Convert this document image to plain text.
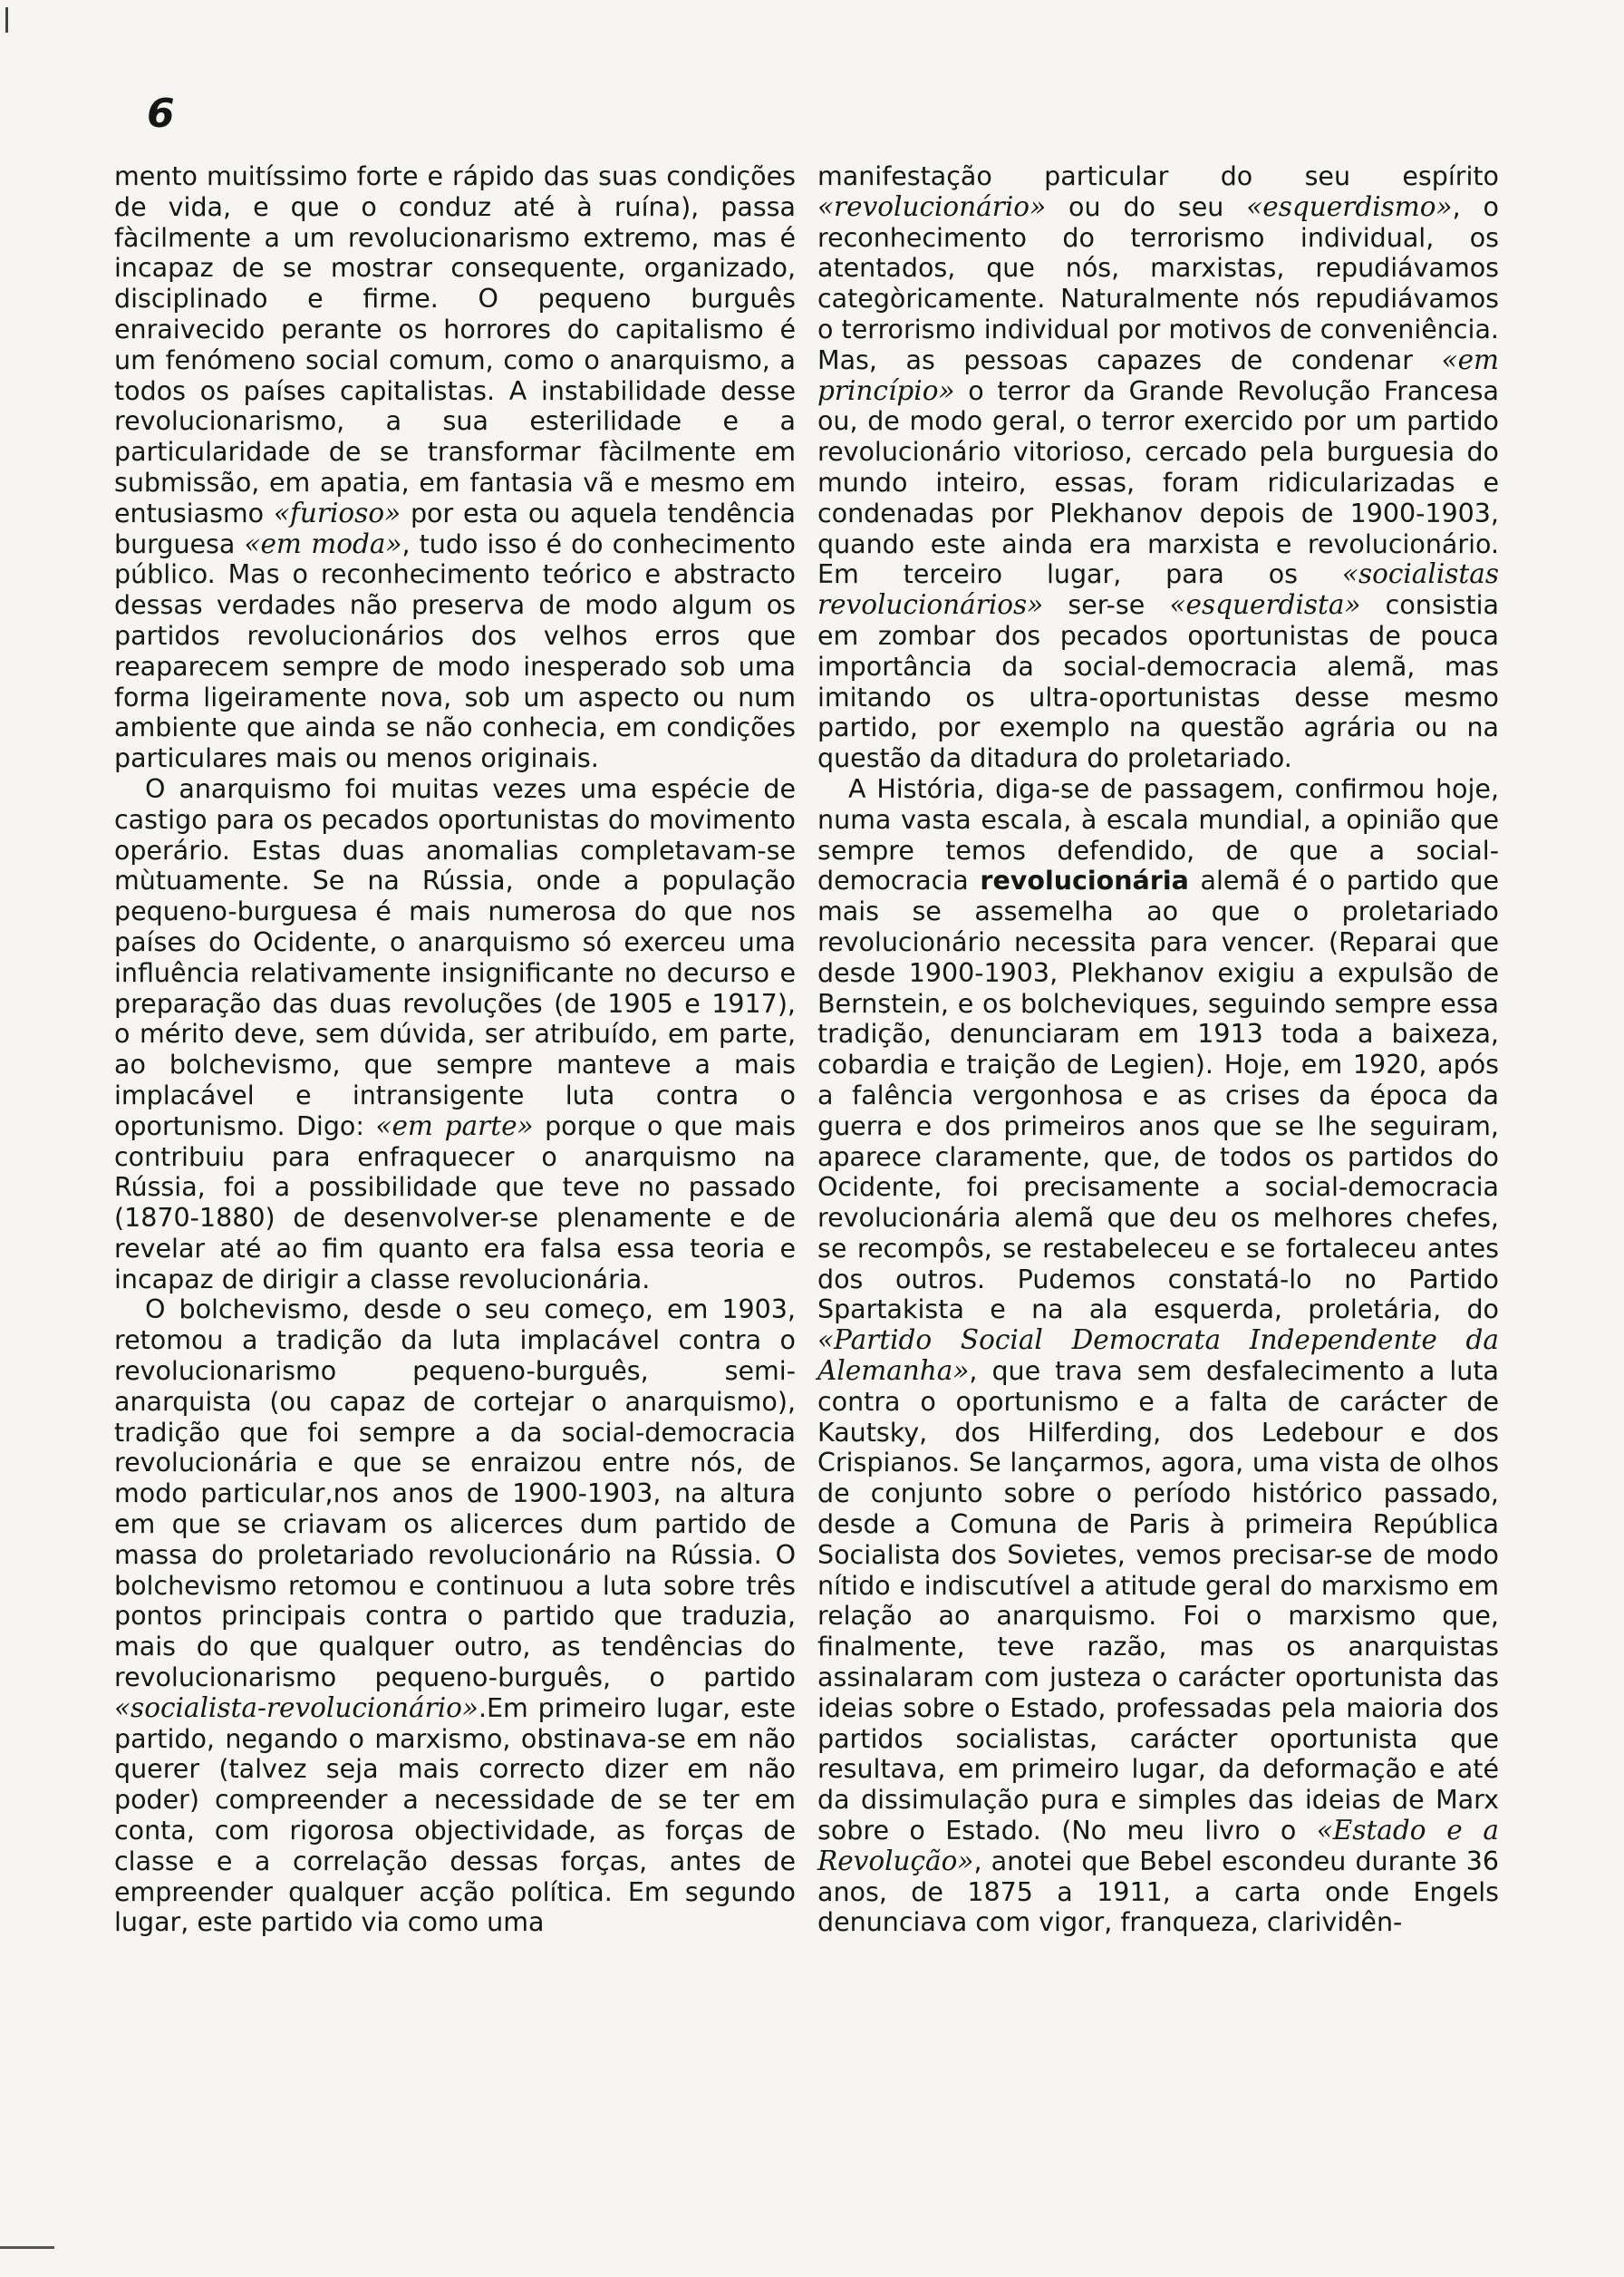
6

mento muitíssimo forte e rápido das suas condições de vida, e que o conduz até à ruína), passa fàcilmente a um revolucionarismo extremo, mas é incapaz de se mostrar consequente, organizado, disciplinado e firme. O pequeno burguês enraivecido perante os horrores do capitalismo é um fenómeno social comum, como o anarquismo, a todos os países capitalistas. A instabilidade desse revolucionarismo, a sua esterilidade e a particularidade de se transformar fàcilmente em submissão, em apatia, em fantasia vã e mesmo em entusiasmo «furioso» por esta ou aquela tendência burguesa «em moda», tudo isso é do conhecimento público. Mas o reconhecimento teórico e abstracto dessas verdades não preserva de modo algum os partidos revolucionários dos velhos erros que reaparecem sempre de modo inesperado sob uma forma ligeiramente nova, sob um aspecto ou num ambiente que ainda se não conhecia, em condições particulares mais ou menos originais.

O anarquismo foi muitas vezes uma espécie de castigo para os pecados oportunistas do movimento operário. Estas duas anomalias completavam-se mùtuamente. Se na Rússia, onde a população pequeno-burguesa é mais numerosa do que nos países do Ocidente, o anarquismo só exerceu uma influência relativamente insignificante no decurso e preparação das duas revoluções (de 1905 e 1917), o mérito deve, sem dúvida, ser atribuído, em parte, ao bolchevismo, que sempre manteve a mais implacável e intransigente luta contra o oportunismo. Digo: «em parte» porque o que mais contribuiu para enfraquecer o anarquismo na Rússia, foi a possibilidade que teve no passado (1870-1880) de desenvolver-se plenamente e de revelar até ao fim quanto era falsa essa teoria e incapaz de dirigir a classe revolucionária.

O bolchevismo, desde o seu começo, em 1903, retomou a tradição da luta implacável contra o revolucionarismo pequeno-burguês, semi-anarquista (ou capaz de cortejar o anarquismo), tradição que foi sempre a da social-democracia revolucionária e que se enraizou entre nós, de modo particular,nos anos de 1900-1903, na altura em que se criavam os alicerces dum partido de massa do proletariado revolucionário na Rússia. O bolchevismo retomou e continuou a luta sobre três pontos principais contra o partido que traduzia, mais do que qualquer outro, as tendências do revolucionarismo pequeno-burguês, o partido «socialista-revolucionário».Em primeiro lugar, este partido, negando o marxismo, obstinava-se em não querer (talvez seja mais correcto dizer em não poder) compreender a necessidade de se ter em conta, com rigorosa objectividade, as forças de classe e a correlação dessas forças, antes de empreender qualquer acção política. Em segundo lugar, este partido via como uma

manifestação particular do seu espírito «revolucionário» ou do seu «esquerdismo», o reconhecimento do terrorismo individual, os atentados, que nós, marxistas, repudiávamos categòricamente. Naturalmente nós repudiávamos o terrorismo individual por motivos de conveniência. Mas, as pessoas capazes de condenar «em princípio» o terror da Grande Revolução Francesa ou, de modo geral, o terror exercido por um partido revolucionário vitorioso, cercado pela burguesia do mundo inteiro, essas, foram ridicularizadas e condenadas por Plekhanov depois de 1900-1903, quando este ainda era marxista e revolucionário. Em terceiro lugar, para os «socialistas revolucionários» ser-se «esquerdista» consistia em zombar dos pecados oportunistas de pouca importância da social-democracia alemã, mas imitando os ultra-oportunistas desse mesmo partido, por exemplo na questão agrária ou na questão da ditadura do proletariado.

A História, diga-se de passagem, confirmou hoje, numa vasta escala, à escala mundial, a opinião que sempre temos defendido, de que a social-democracia revolucionária alemã é o partido que mais se assemelha ao que o proletariado revolucionário necessita para vencer. (Reparai que desde 1900-1903, Plekhanov exigiu a expulsão de Bernstein, e os bolcheviques, seguindo sempre essa tradição, denunciaram em 1913 toda a baixeza, cobardia e traição de Legien). Hoje, em 1920, após a falência vergonhosa e as crises da época da guerra e dos primeiros anos que se lhe seguiram, aparece claramente, que, de todos os partidos do Ocidente, foi precisamente a social-democracia revolucionária alemã que deu os melhores chefes, se recompôs, se restabeleceu e se fortaleceu antes dos outros. Pudemos constatá-lo no Partido Spartakista e na ala esquerda, proletária, do «Partido Social Democrata Independente da Alemanha», que trava sem desfalecimento a luta contra o oportunismo e a falta de carácter de Kautsky, dos Hilferding, dos Ledebour e dos Crispianos. Se lançarmos, agora, uma vista de olhos de conjunto sobre o período histórico passado, desde a Comuna de Paris à primeira República Socialista dos Sovietes, vemos precisar-se de modo nítido e indiscutível a atitude geral do marxismo em relação ao anarquismo. Foi o marxismo que, finalmente, teve razão, mas os anarquistas assinalaram com justeza o carácter oportunista das ideias sobre o Estado, professadas pela maioria dos partidos socialistas, carácter oportunista que resultava, em primeiro lugar, da deformação e até da dissimulação pura e simples das ideias de Marx sobre o Estado. (No meu livro o «Estado e a Revolução», anotei que Bebel escondeu durante 36 anos, de 1875 a 1911, a carta onde Engels denunciava com vigor, franqueza, clarividên-
